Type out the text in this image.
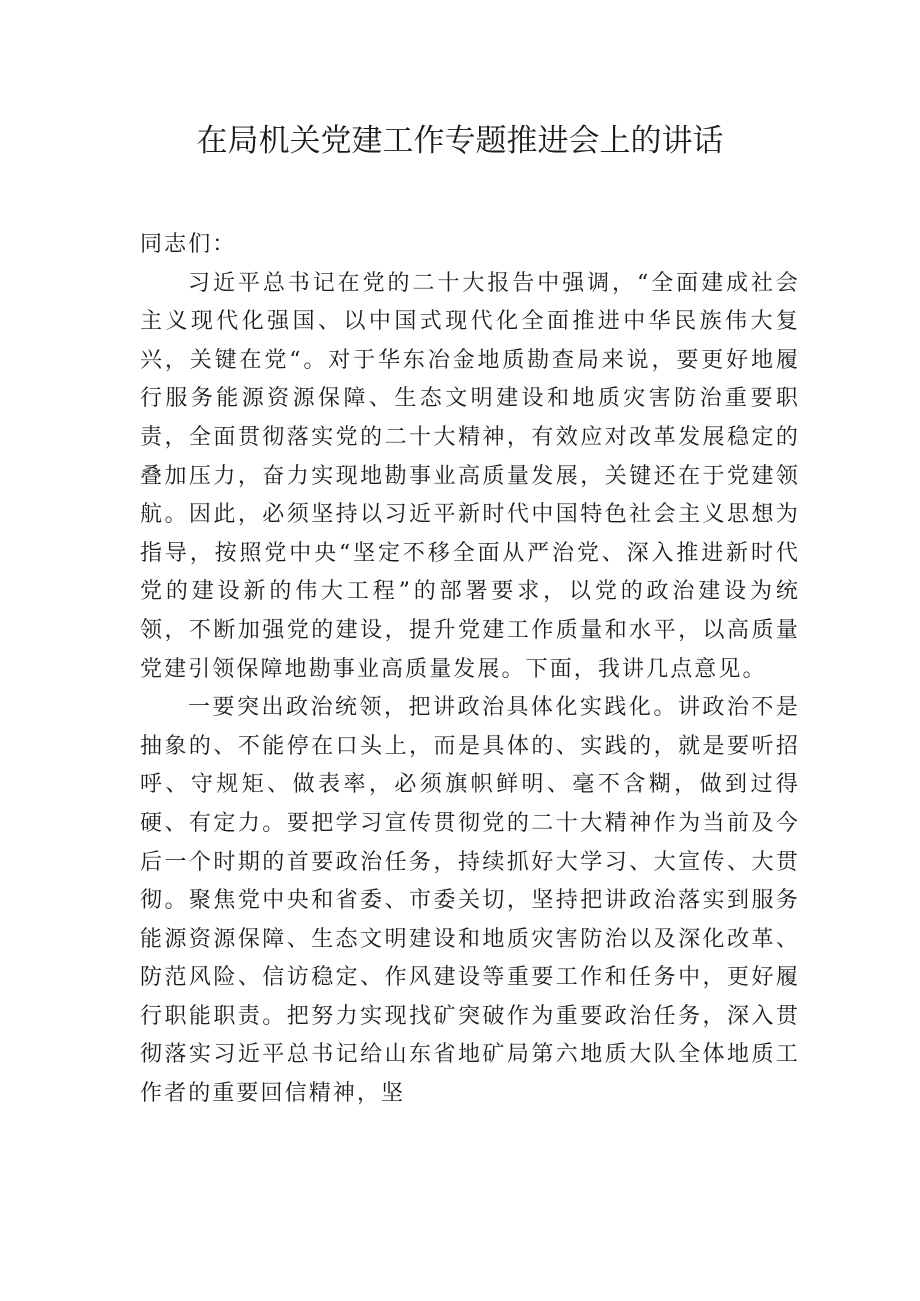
在局机关党建工作专题推进会上的讲话

同志们：

习近平总书记在党的二十大报告中强调，“全面建成社会主义现代化强国、以中国式现代化全面推进中华民族伟大复兴，关键在党“。对于华东冶金地质勘查局来说，要更好地履行服务能源资源保障、生态文明建设和地质灾害防治重要职责，全面贯彻落实党的二十大精神，有效应对改革发展稳定的叠加压力，奋力实现地勘事业高质量发展，关键还在于党建领航。因此，必须坚持以习近平新时代中国特色社会主义思想为指导，按照党中央“坚定不移全面从严治党、深入推进新时代党的建设新的伟大工程”的部署要求，以党的政治建设为统领，不断加强党的建设，提升党建工作质量和水平，以高质量党建引领保障地勘事业高质量发展。下面，我讲几点意见。

一要突出政治统领，把讲政治具体化实践化。讲政治不是抽象的、不能停在口头上，而是具体的、实践的，就是要听招呼、守规矩、做表率，必须旗帜鲜明、毫不含糊，做到过得硬、有定力。要把学习宣传贯彻党的二十大精神作为当前及今后一个时期的首要政治任务，持续抓好大学习、大宣传、大贯彻。聚焦党中央和省委、市委关切，坚持把讲政治落实到服务能源资源保障、生态文明建设和地质灾害防治以及深化改革、防范风险、信访稳定、作风建设等重要工作和任务中，更好履行职能职责。把努力实现找矿突破作为重要政治任务，深入贯彻落实习近平总书记给山东省地矿局第六地质大队全体地质工作者的重要回信精神，坚
